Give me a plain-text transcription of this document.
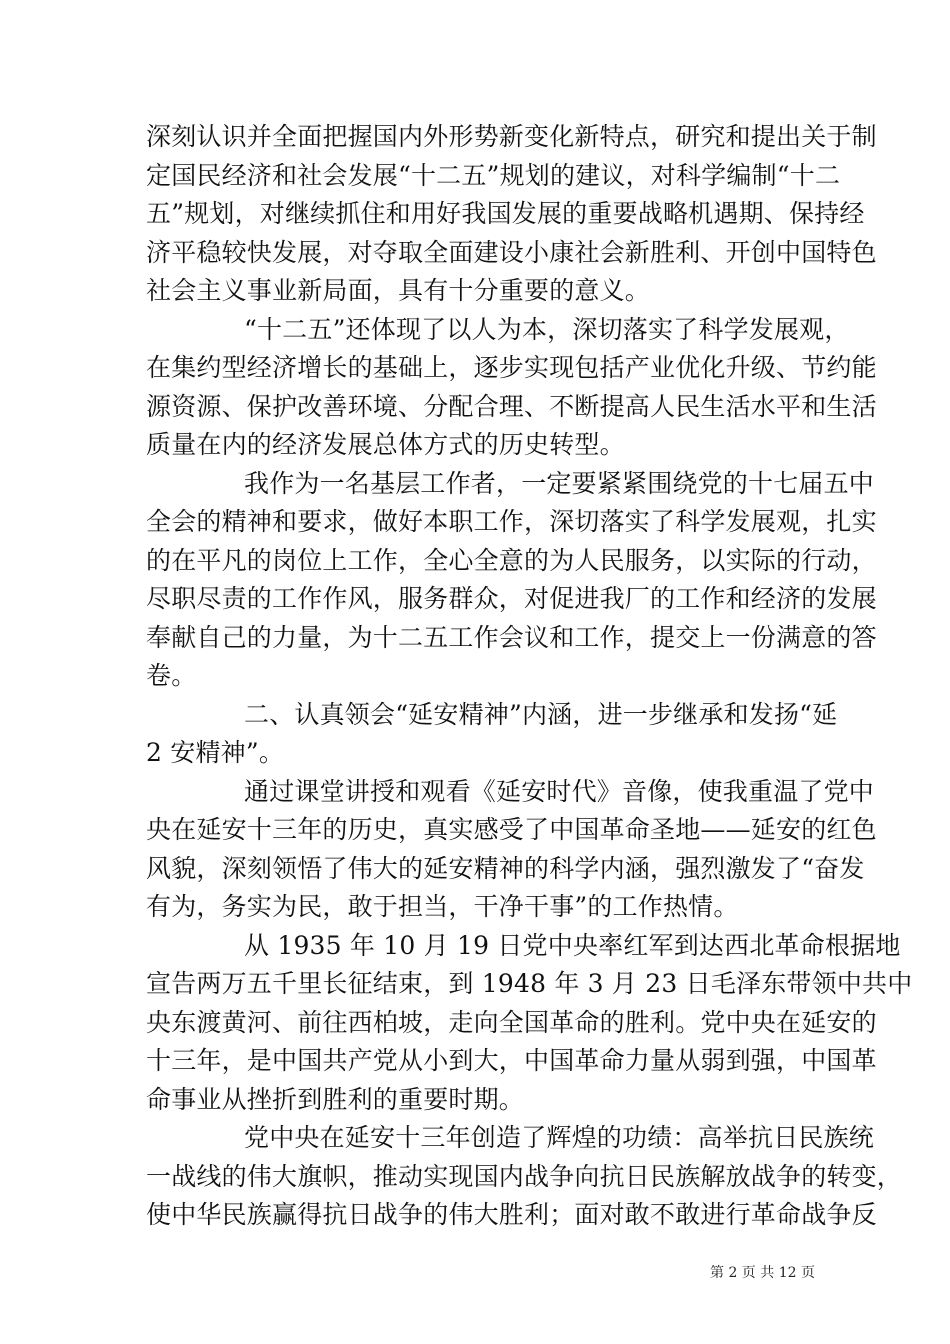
深刻认识并全面把握国内外形势新变化新特点，研究和提出关于制
定国民经济和社会发展“十二五”规划的建议，对科学编制“十二
五”规划，对继续抓住和用好我国发展的重要战略机遇期、保持经
济平稳较快发展，对夺取全面建设小康社会新胜利、开创中国特色
社会主义事业新局面，具有十分重要的意义。
“十二五”还体现了以人为本，深切落实了科学发展观，
在集约型经济增长的基础上，逐步实现包括产业优化升级、节约能
源资源、保护改善环境、分配合理、不断提高人民生活水平和生活
质量在内的经济发展总体方式的历史转型。
我作为一名基层工作者，一定要紧紧围绕党的十七届五中
全会的精神和要求，做好本职工作，深切落实了科学发展观，扎实
的在平凡的岗位上工作，全心全意的为人民服务，以实际的行动，
尽职尽责的工作作风，服务群众，对促进我厂的工作和经济的发展
奉献自己的力量，为十二五工作会议和工作，提交上一份满意的答
卷。
二、认真领会“延安精神”内涵，进一步继承和发扬“延
2 安精神”。
通过课堂讲授和观看《延安时代》音像，使我重温了党中
央在延安十三年的历史，真实感受了中国革命圣地——延安的红色
风貌，深刻领悟了伟大的延安精神的科学内涵，强烈激发了“奋发
有为，务实为民，敢于担当，干净干事”的工作热情。
从 1935 年 10 月 19 日党中央率红军到达西北革命根据地
宣告两万五千里长征结束，到 1948 年 3 月 23 日毛泽东带领中共中
央东渡黄河、前往西柏坡，走向全国革命的胜利。党中央在延安的
十三年，是中国共产党从小到大，中国革命力量从弱到强，中国革
命事业从挫折到胜利的重要时期。
党中央在延安十三年创造了辉煌的功绩：高举抗日民族统
一战线的伟大旗帜，推动实现国内战争向抗日民族解放战争的转变，
使中华民族赢得抗日战争的伟大胜利；面对敢不敢进行革命战争反
第 2 页 共 12 页
